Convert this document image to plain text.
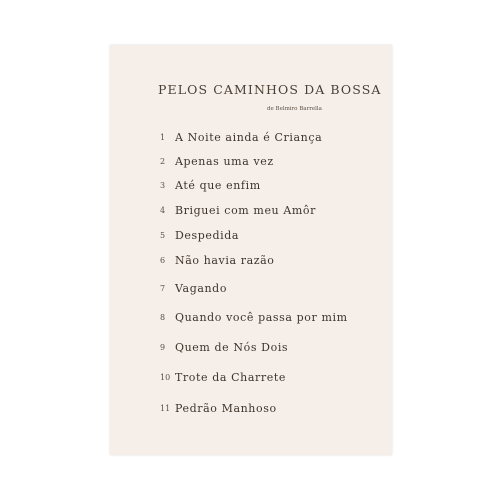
PELOS CAMINHOS DA BOSSA
de Belmiro Barrella
1 A Noite ainda é Criança
2 Apenas uma vez
3 Até que enfim
4 Briguei com meu Amôr
5 Despedida
6 Não havia razão
7 Vagando
8 Quando você passa por mim
9 Quem de Nós Dois
10 Trote da Charrete
11 Pedrão Manhoso
